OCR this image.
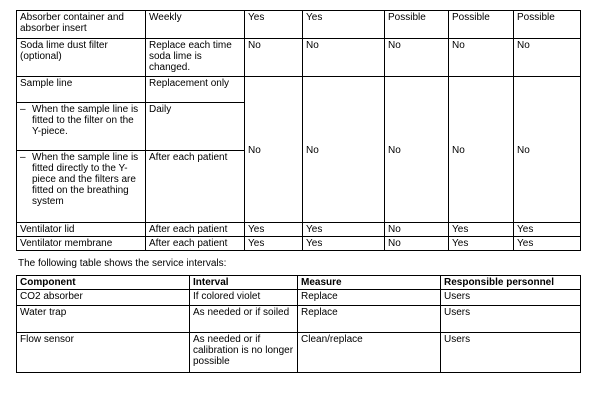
Absorber container and absorber insert	Weekly	Yes	Yes	Possible	Possible	Possible
Soda lime dust filter (optional)	Replace each time soda lime is changed.	No	No	No	No	No
Sample line	Replacement only	No	No	No	No	No

– When the sample line is fitted to the filter on the Y-piece.	Daily					

– When the sample line is fitted directly to the Y-piece and the filters are fitted on the breathing system	After each patient					
Ventilator lid	After each patient	Yes	Yes	No	Yes	Yes
Ventilator membrane	After each patient	Yes	Yes	No	Yes	Yes
The following table shows the service intervals:
Component	Interval	Measure	Responsible personnel
CO2 absorber	If colored violet	Replace	Users
Water trap	As needed or if soiled	Replace	Users
Flow sensor	As needed or if calibration is no longer possible	Clean/replace	Users
